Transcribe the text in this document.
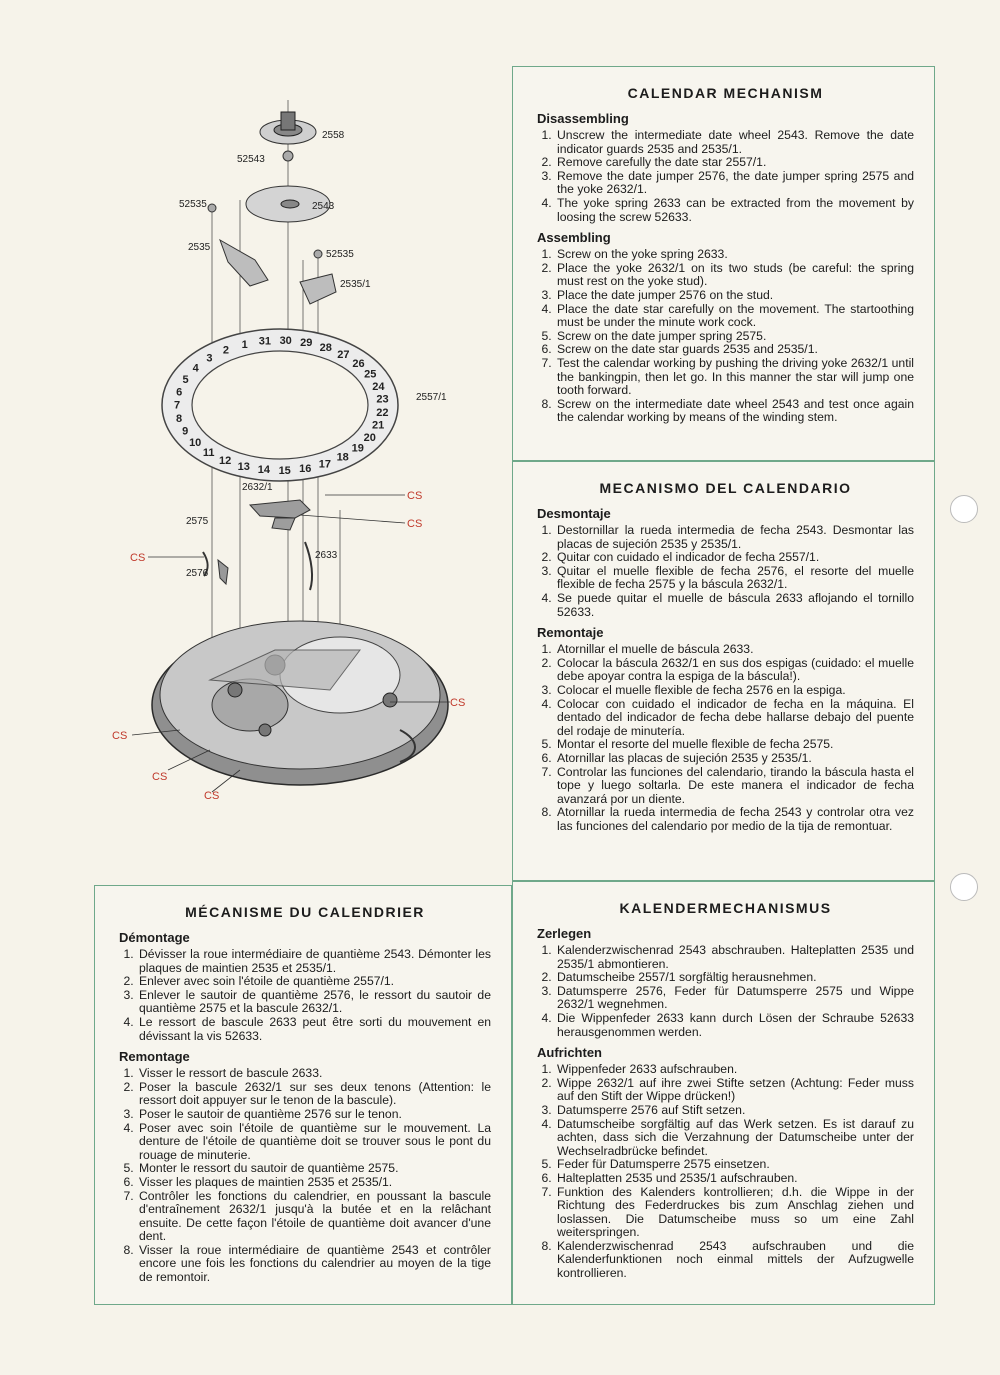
1
2
3
4
5
6
7
8
9
10
11
12 13 14 15 16 17
18
19
20
21
22
23
24
25
26
27
28
29
30
31
2558
52543
52535	2543
2535
52535
2535/1
2557/1
2632/1
2575
2576
2633
CS
CS
CS
CS
CS
CS
CS
CALENDAR MECHANISM
Disassembling
1. Unscrew the intermediate date wheel 2543. Remove the date indicator guards 2535 and 2535/1.
2. Remove carefully the date star 2557/1.
3. Remove the date jumper 2576, the date jumper spring 2575 and the yoke 2632/1.
4. The yoke spring 2633 can be extracted from the movement by loosing the screw 52633.
Assembling
1. Screw on the yoke spring 2633.
2. Place the yoke 2632/1 on its two studs (be careful: the spring must rest on the yoke stud).
3. Place the date jumper 2576 on the stud.
4. Place the date star carefully on the movement. The startoothing must be under the minute work cock.
5. Screw on the date jumper spring 2575.
6. Screw on the date star guards 2535 and 2535/1.
7. Test the calendar working by pushing the driving yoke 2632/1 until the bankingpin, then let go. In this manner the star will jump one tooth forward.
8. Screw on the intermediate date wheel 2543 and test once again the calendar working by means of the winding stem.
MECANISMO DEL CALENDARIO
Desmontaje
1. Destornillar la rueda intermedia de fecha 2543. Desmontar las placas de sujeción 2535 y 2535/1.
2. Quitar con cuidado el indicador de fecha 2557/1.
3. Quitar el muelle flexible de fecha 2576, el resorte del muelle flexible de fecha 2575 y la báscula 2632/1.
4. Se puede quitar el muelle de báscula 2633 aflojando el tornillo 52633.
Remontaje
1. Atornillar el muelle de báscula 2633.
2. Colocar la báscula 2632/1 en sus dos espigas (cuidado: el muelle debe apoyar contra la espiga de la báscula!).
3. Colocar el muelle flexible de fecha 2576 en la espiga.
4. Colocar con cuidado el indicador de fecha en la máquina. El dentado del indicador de fecha debe hallarse debajo del puente del rodaje de minutería.
5. Montar el resorte del muelle flexible de fecha 2575.
6. Atornillar las placas de sujeción 2535 y 2535/1.
7. Controlar las funciones del calendario, tirando la báscula hasta el tope y luego soltarla. De este manera el indicador de fecha avanzará por un diente.
8. Atornillar la rueda intermedia de fecha 2543 y controlar otra vez las funciones del calendario por medio de la tija de remontuar.
MÉCANISME DU CALENDRIER
Démontage
1. Dévisser la roue intermédiaire de quantième 2543. Démonter les plaques de maintien 2535 et 2535/1.
2. Enlever avec soin l'étoile de quantième 2557/1.
3. Enlever le sautoir de quantième 2576, le ressort du sautoir de quantième 2575 et la bascule 2632/1.
4. Le ressort de bascule 2633 peut être sorti du mouvement en dévissant la vis 52633.
Remontage
1. Visser le ressort de bascule 2633.
2. Poser la bascule 2632/1 sur ses deux tenons (Attention: le ressort doit appuyer sur le tenon de la bascule).
3. Poser le sautoir de quantième 2576 sur le tenon.
4. Poser avec soin l'étoile de quantième sur le mouvement. La denture de l'étoile de quantième doit se trouver sous le pont du rouage de minuterie.
5. Monter le ressort du sautoir de quantième 2575.
6. Visser les plaques de maintien 2535 et 2535/1.
7. Contrôler les fonctions du calendrier, en poussant la bascule d'entraînement 2632/1 jusqu'à la butée et en la relâchant ensuite. De cette façon l'étoile de quantième doit avancer d'une dent.
8. Visser la roue intermédiaire de quantième 2543 et contrôler encore une fois les fonctions du calendrier au moyen de la tige de remontoir.
KALENDERMECHANISMUS
Zerlegen
1. Kalenderzwischenrad 2543 abschrauben. Halteplatten 2535 und 2535/1 abmontieren.
2. Datumscheibe 2557/1 sorgfältig herausnehmen.
3. Datumsperre 2576, Feder für Datumsperre 2575 und Wippe 2632/1 wegnehmen.
4. Die Wippenfeder 2633 kann durch Lösen der Schraube 52633 herausgenommen werden.
Aufrichten
1. Wippenfeder 2633 aufschrauben.
2. Wippe 2632/1 auf ihre zwei Stifte setzen (Achtung: Feder muss auf den Stift der Wippe drücken!)
3. Datumsperre 2576 auf Stift setzen.
4. Datumscheibe sorgfältig auf das Werk setzen. Es ist darauf zu achten, dass sich die Verzahnung der Datumscheibe unter der Wechselradbrücke befindet.
5. Feder für Datumsperre 2575 einsetzen.
6. Halteplatten 2535 und 2535/1 aufschrauben.
7. Funktion des Kalenders kontrollieren; d.h. die Wippe in der Richtung des Federdruckes bis zum Anschlag ziehen und loslassen. Die Datumscheibe muss so um eine Zahl weiterspringen.
8. Kalenderzwischenrad 2543 aufschrauben und die Kalenderfunktionen noch einmal mittels der Aufzugwelle kontrollieren.
